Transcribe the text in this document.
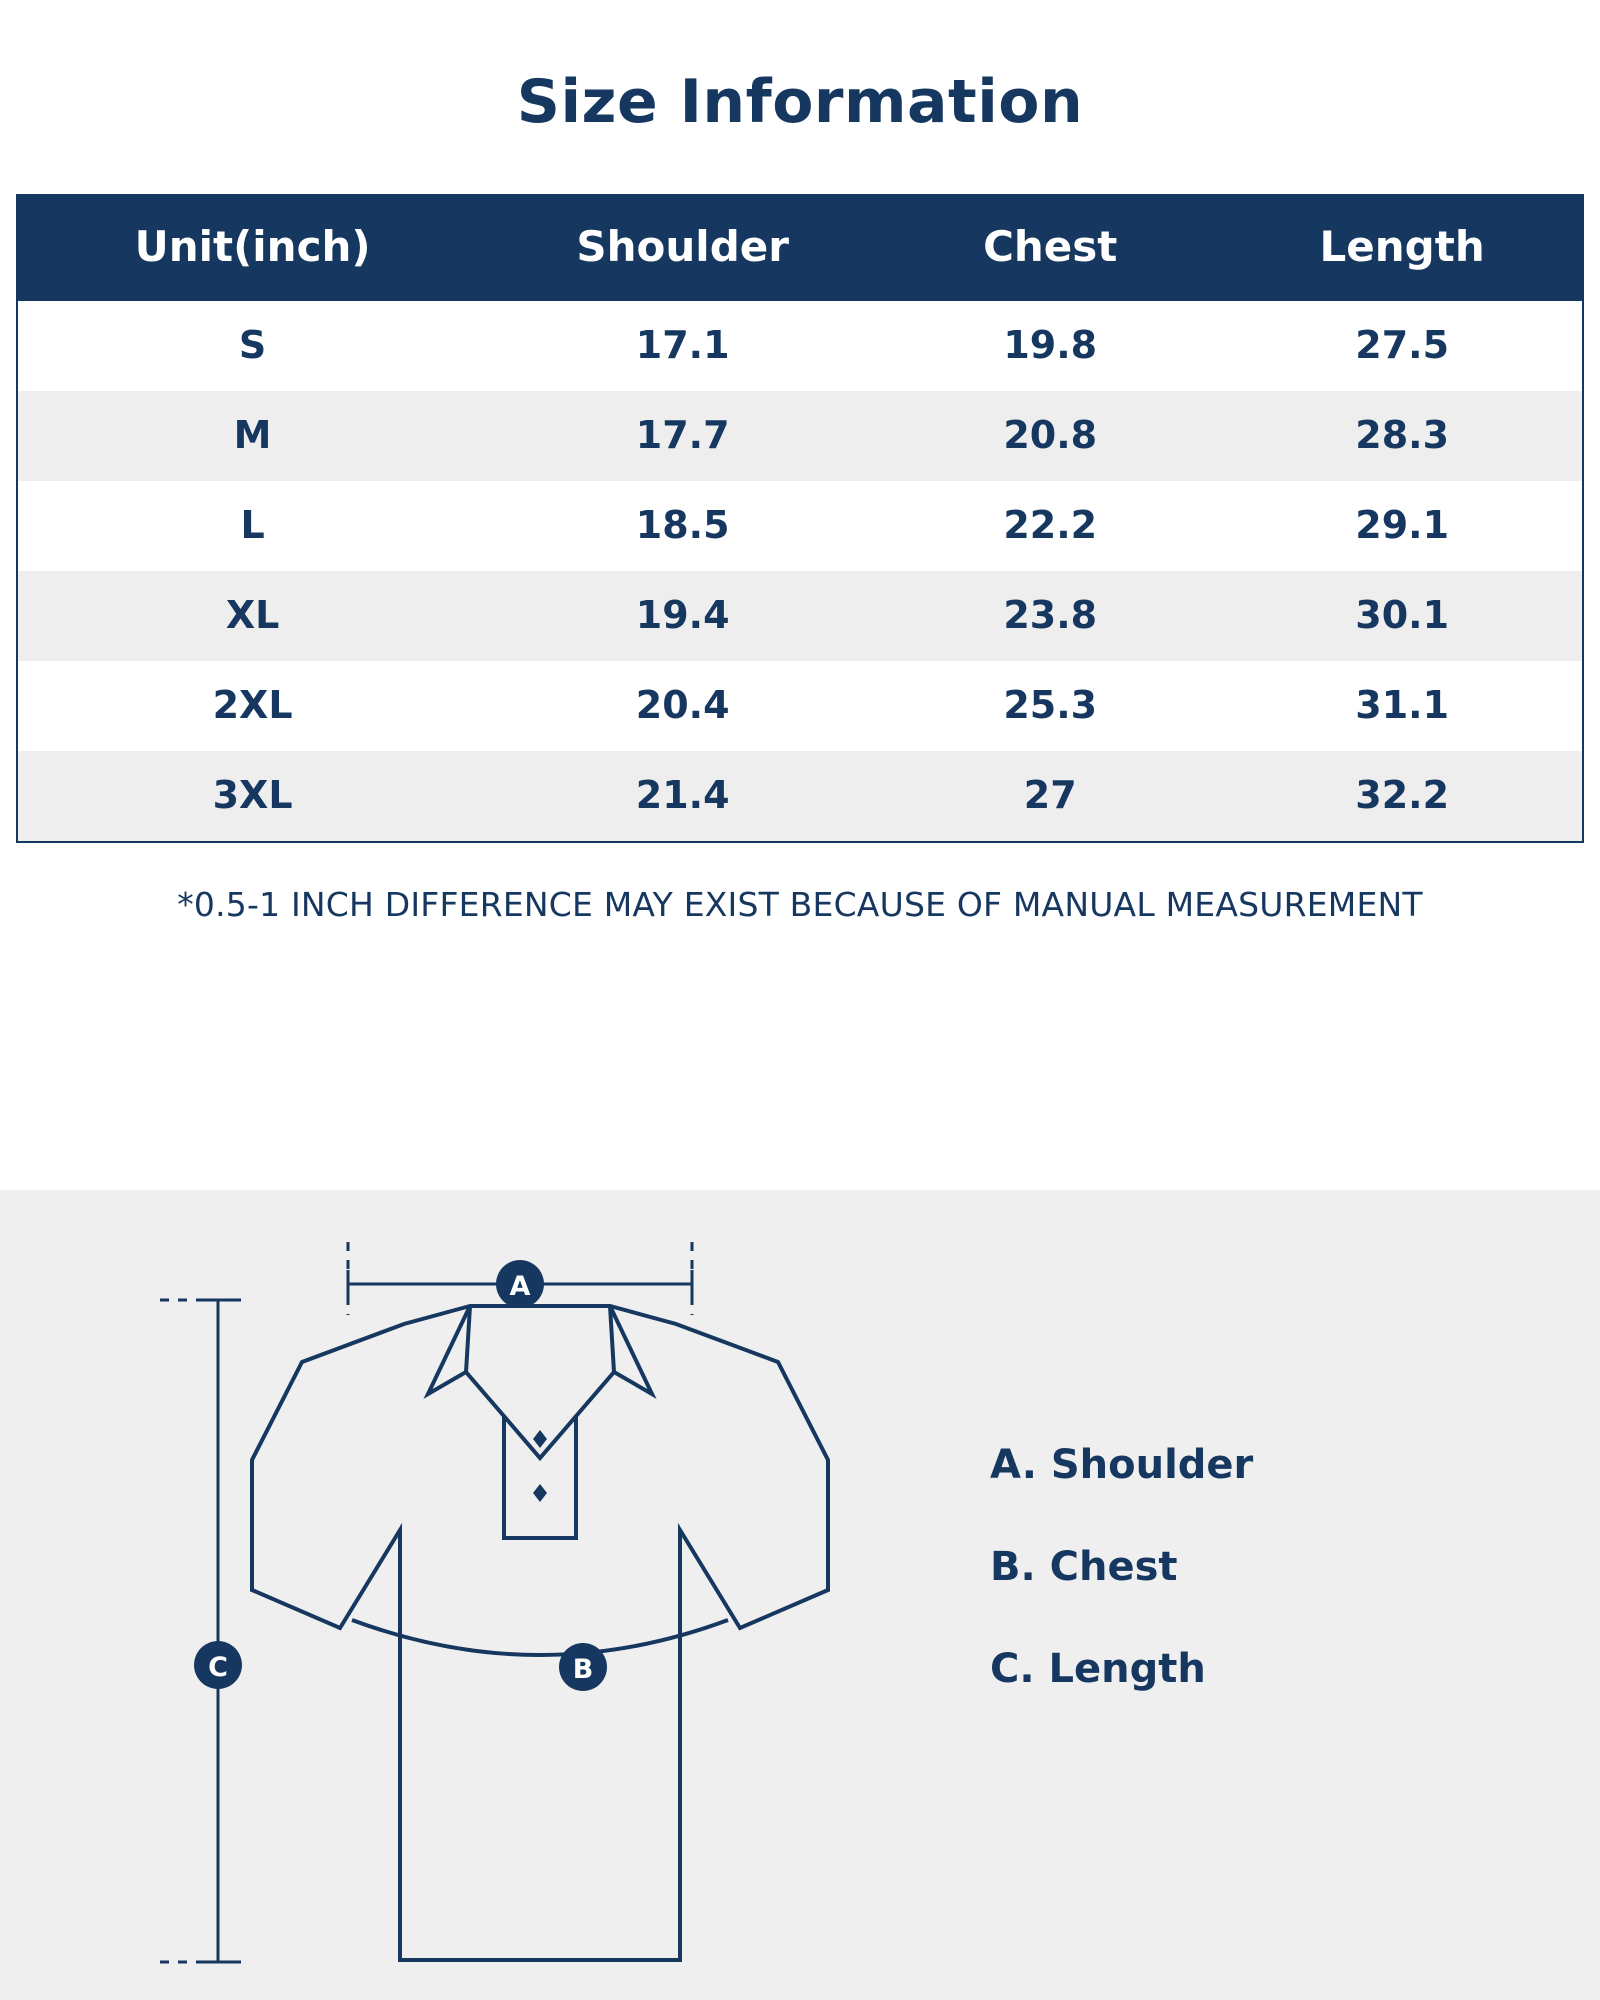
Size Information
Unit(inch)	Shoulder	Chest	Length
S	17.1	19.8	27.5
M	17.7	20.8	28.3
L	18.5	22.2	29.1
XL	19.4	23.8	30.1
2XL	20.4	25.3	31.1
3XL	21.4	27	32.2
*0.5-1 INCH DIFFERENCE MAY EXIST BECAUSE OF MANUAL MEASUREMENT
A
B
C
A. Shoulder
B. Chest
C. Length
